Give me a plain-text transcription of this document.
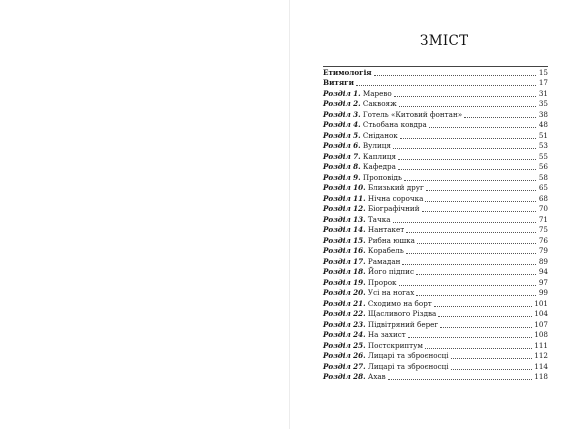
ЗМІСТ
Етимологія	15
Витяги	17
Розділ 1. Марево	31
Розділ 2. Саквояж	35
Розділ 3. Готель «Китовий фонтан»	38
Розділ 4. Стьобана ковдра	48
Розділ 5. Сніданок	51
Розділ 6. Вулиця	53
Розділ 7. Каплиця	55
Розділ 8. Кафедра	56
Розділ 9. Проповідь	58
Розділ 10. Близький друг	65
Розділ 11. Нічна сорочка	68
Розділ 12. Біографічний	70
Розділ 13. Тачка	71
Розділ 14. Нантакет	75
Розділ 15. Рибна юшка	76
Розділ 16. Корабель	79
Розділ 17. Рамадан	89
Розділ 18. Його підпис	94
Розділ 19. Пророк	97
Розділ 20. Усі на ногах	99
Розділ 21. Сходимо на борт	101
Розділ 22. Щасливого Різдва	104
Розділ 23. Підвітряний берег	107
Розділ 24. На захист	108
Розділ 25. Постскриптум	111
Розділ 26. Лицарі та зброєносці	112
Розділ 27. Лицарі та зброєносці	114
Розділ 28. Ахав	118
